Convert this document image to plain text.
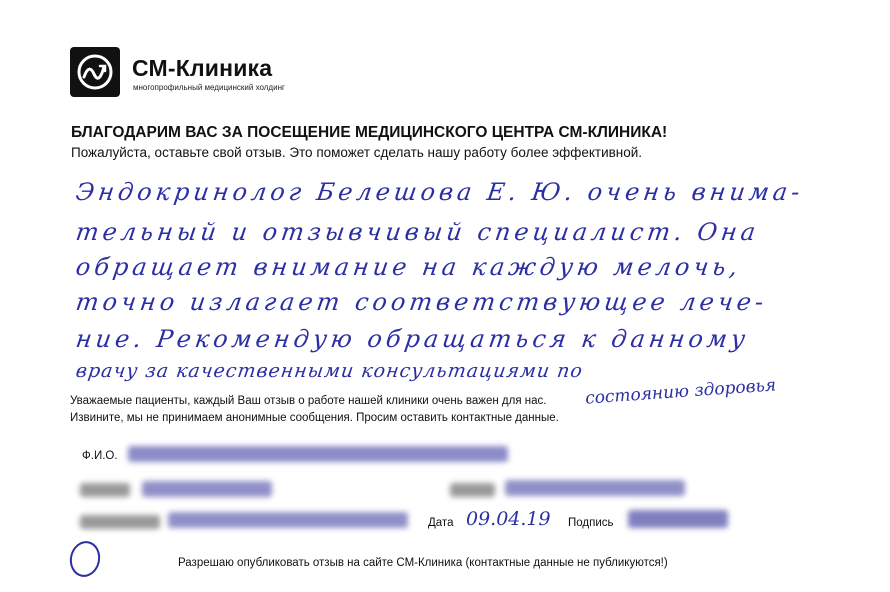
СМ-Клиника
многопрофильный медицинский холдинг
БЛАГОДАРИМ ВАС ЗА ПОСЕЩЕНИЕ МЕДИЦИНСКОГО ЦЕНТРА СМ-КЛИНИКА!
Пожалуйста, оставьте свой отзыв. Это поможет сделать нашу работу более эффективной.
Эндокринолог Белешова Е. Ю. очень внима-
тельный и отзывчивый специалист. Она
обращает внимание на каждую мелочь,
точно излагает соответствующее лече-
ние. Рекомендую обращаться к данному
врачу за качественными консультациями по
состоянию здоровья
Уважаемые пациенты, каждый Ваш отзыв о работе нашей клиники очень важен для нас.
Извините, мы не принимаем анонимные сообщения. Просим оставить контактные данные.
Ф.И.О.
Дата 09.04.19 Подпись
Разрешаю опубликовать отзыв на сайте СМ-Клиника (контактные данные не публикуются!)
